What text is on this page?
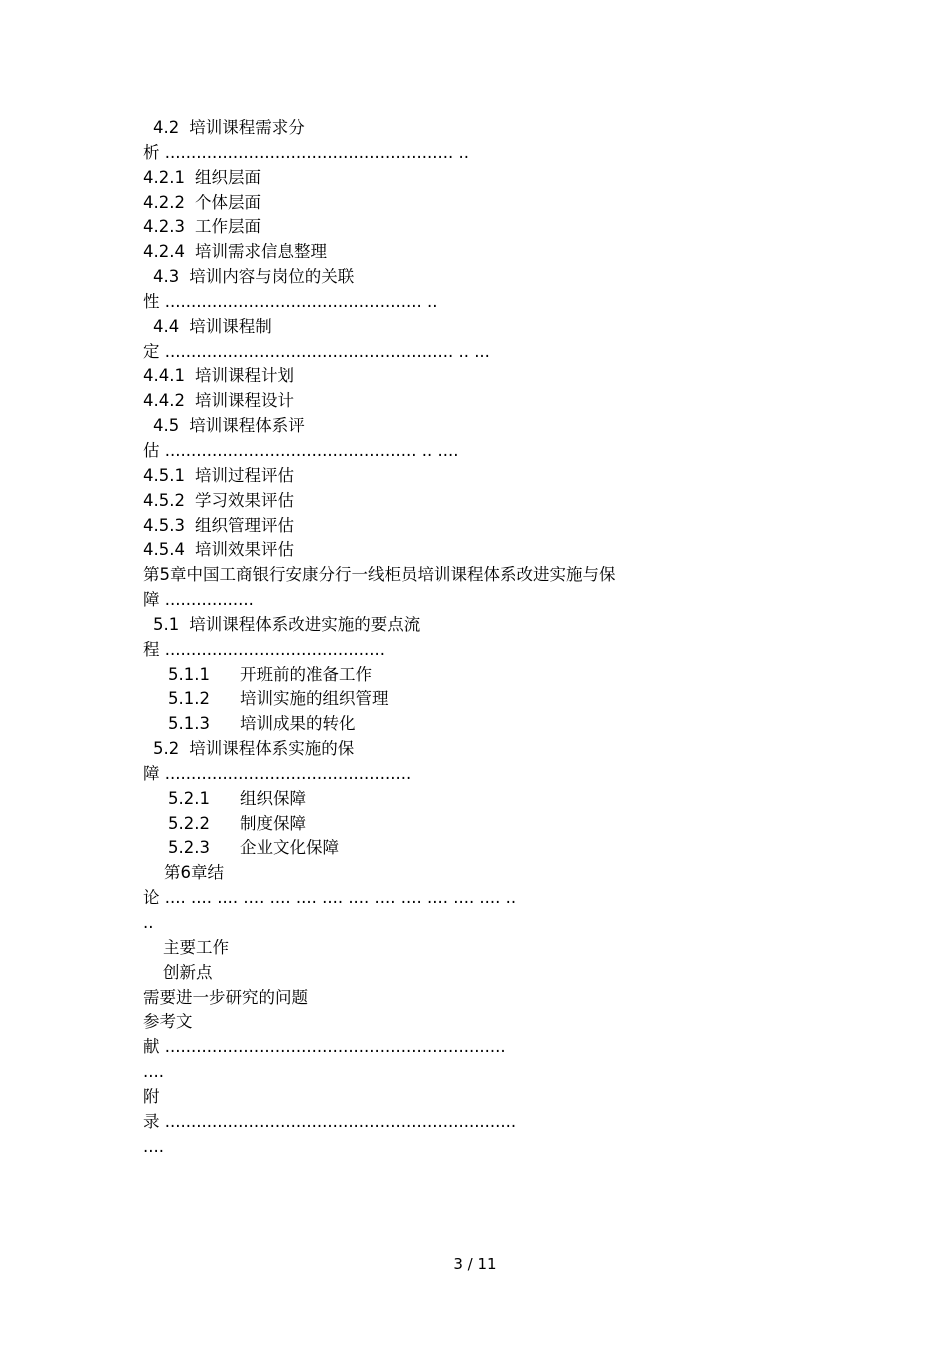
4.2 培训课程需求分
析 ....................................................... ..
4.2.1 组织层面
4.2.2 个体层面
4.2.3 工作层面
4.2.4 培训需求信息整理
4.3 培训内容与岗位的关联
性 ................................................. ..
4.4 培训课程制
定 ....................................................... .. ...
4.4.1 培训课程计划
4.4.2 培训课程设计
4.5 培训课程体系评
估 ................................................ .. ....
4.5.1 培训过程评估
4.5.2 学习效果评估
4.5.3 组织管理评估
4.5.4 培训效果评估
第5章中国工商银行安康分行一线柜员培训课程体系改进实施与保
障 .................
5.1 培训课程体系改进实施的要点流
程 ..........................................
5.1.1 开班前的准备工作
5.1.2 培训实施的组织管理
5.1.3 培训成果的转化
5.2 培训课程体系实施的保
障 ...............................................
5.2.1 组织保障
5.2.2 制度保障
5.2.3 企业文化保障
第6章结
论 .... .... .... .... .... .... .... .... .... .... .... .... .... ..
..
主要工作
创新点
需要进一步研究的问题
参考文
献 .................................................................
....
附
录 ...................................................................
....
3 / 11
